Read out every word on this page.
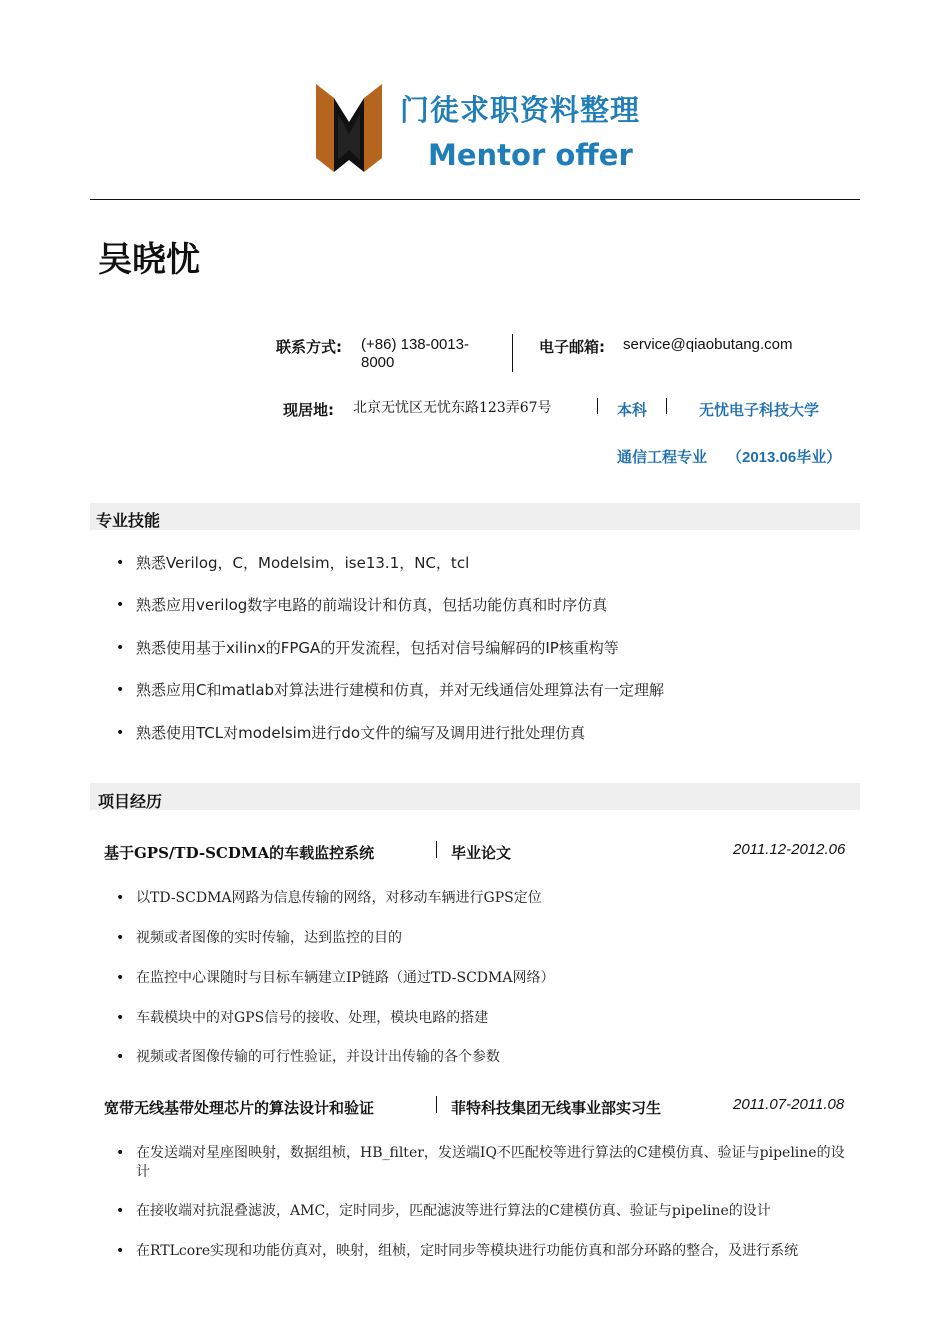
门徒求职资料整理
Mentor offer
吴晓忧
联系方式: (+86) 138-0013-
8000
电子邮箱: service@qiaobutang.com
现居地: 北京无忧区无忧东路123弄67号	本科	无忧电子科技大学
通信工程专业 （2013.06毕业）
专业技能
• 熟悉Verilog，C，Modelsim，ise13.1，NC，tcl
• 熟悉应用verilog数字电路的前端设计和仿真，包括功能仿真和时序仿真
• 熟悉使用基于xilinx的FPGA的开发流程，包括对信号编解码的IP核重构等
• 熟悉应用C和matlab对算法进行建模和仿真，并对无线通信处理算法有一定理解
• 熟悉使用TCL对modelsim进行do文件的编写及调用进行批处理仿真
项目经历
基于GPS/TD-SCDMA的车载监控系统	毕业论文	2011.12-2012.06
• 以TD-SCDMA网路为信息传输的网络，对移动车辆进行GPS定位
• 视频或者图像的实时传输，达到监控的目的
• 在监控中心课随时与目标车辆建立IP链路（通过TD-SCDMA网络）
• 车载模块中的对GPS信号的接收、处理，模块电路的搭建
• 视频或者图像传输的可行性验证，并设计出传输的各个参数
宽带无线基带处理芯片的算法设计和验证	菲特科技集团无线事业部实习生	2011.07-2011.08
• 在发送端对星座图映射，数据组桢，HB_filter，发送端IQ不匹配校等进行算法的C建模仿真、验证与pipeline的设计
• 在接收端对抗混叠滤波，AMC，定时同步，匹配滤波等进行算法的C建模仿真、验证与pipeline的设计
• 在RTLcore实现和功能仿真对，映射，组桢，定时同步等模块进行功能仿真和部分环路的整合，及进行系统
